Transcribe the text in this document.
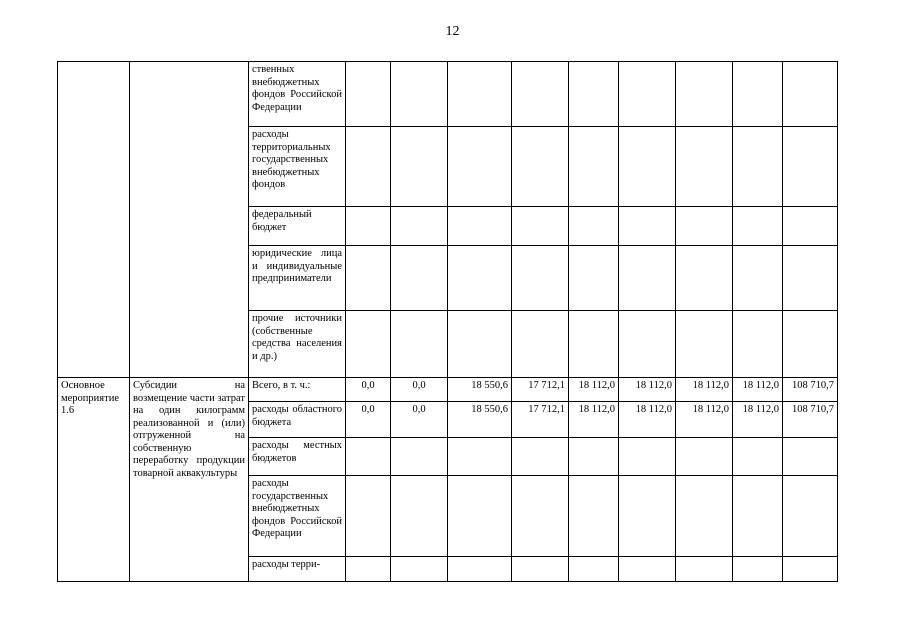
12
		ственных внебюджетных фондов Российской Федерации									
		расходы территориальных государственных внебюджетных фондов									
		федеральный бюджет									
		юридические лица и индивидуальные предприниматели									
		прочие источники (собственные средства населения и др.)									
Основное мероприятие 1.6	Субсидии на возмещение части затрат на один килограмм реализованной и (или) отгруженной на собственную переработку продукции товарной аквакультуры	Всего, в т. ч.:	0,0	0,0	18 550,6	17 712,1	18 112,0	18 112,0	18 112,0	18 112,0	108 710,7
		расходы областного бюджета	0,0	0,0	18 550,6	17 712,1	18 112,0	18 112,0	18 112,0	18 112,0	108 710,7
		расходы местных бюджетов									
		расходы государственных внебюджетных фондов Российской Федерации									
		расходы терри-									
